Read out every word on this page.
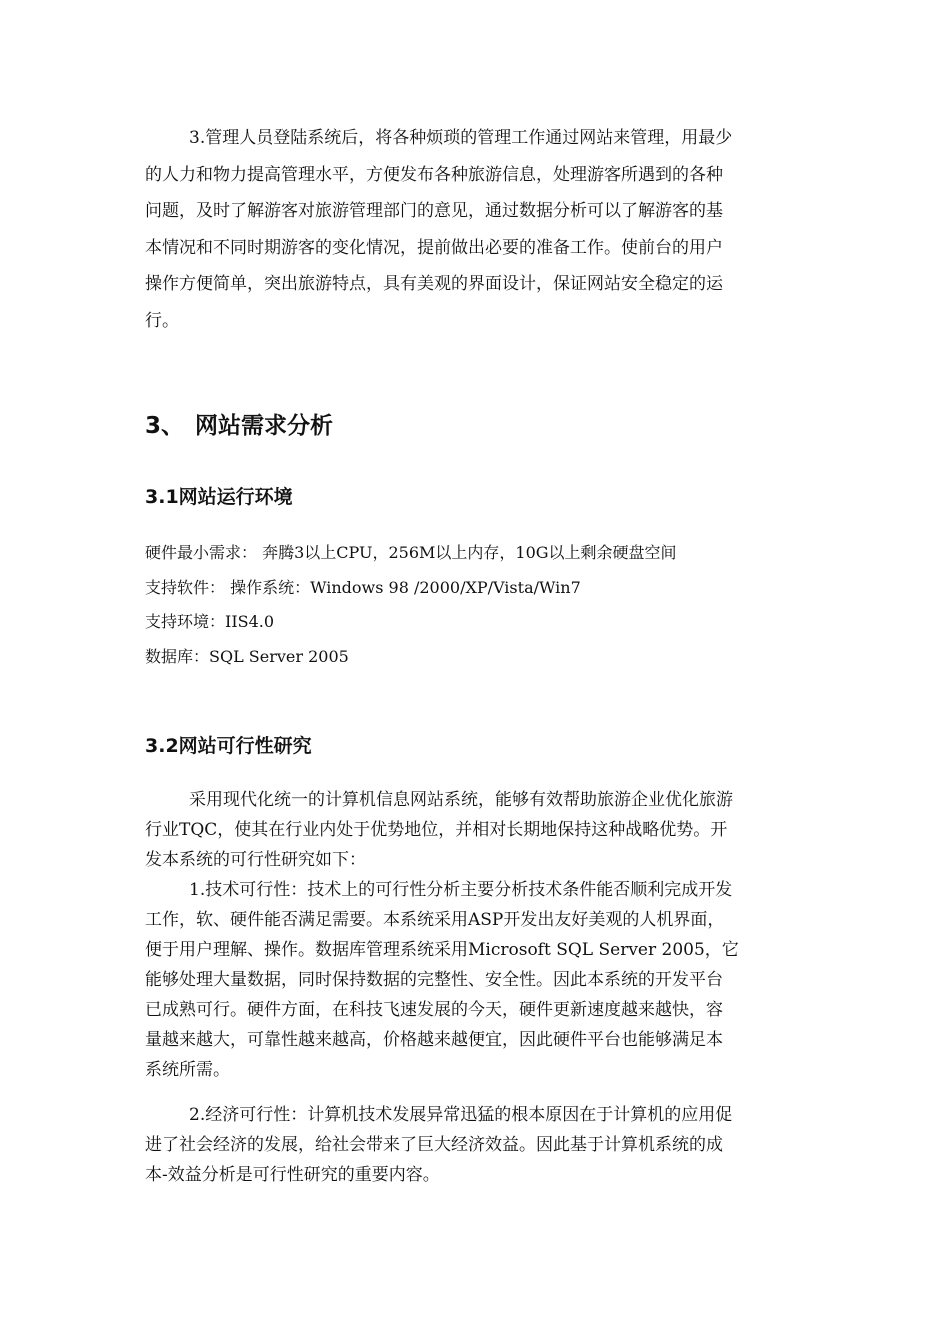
3.管理人员登陆系统后，将各种烦琐的管理工作通过网站来管理，用最少
的人力和物力提高管理水平，方便发布各种旅游信息，处理游客所遇到的各种
问题，及时了解游客对旅游管理部门的意见，通过数据分析可以了解游客的基
本情况和不同时期游客的变化情况，提前做出必要的准备工作。使前台的用户
操作方便简单，突出旅游特点，具有美观的界面设计，保证网站安全稳定的运
行。
3、 网站需求分析
3.1网站运行环境
硬件最小需求： 奔腾3以上CPU，256M以上内存，10G以上剩余硬盘空间
支持软件： 操作系统：Windows 98 /2000/XP/Vista/Win7
支持环境：IIS4.0
数据库：SQL Server 2005
3.2网站可行性研究
采用现代化统一的计算机信息网站系统，能够有效帮助旅游企业优化旅游
行业TQC，使其在行业内处于优势地位，并相对长期地保持这种战略优势。开
发本系统的可行性研究如下：
1.技术可行性：技术上的可行性分析主要分析技术条件能否顺利完成开发
工作，软、硬件能否满足需要。本系统采用ASP开发出友好美观的人机界面，
便于用户理解、操作。数据库管理系统采用Microsoft SQL Server 2005，它
能够处理大量数据，同时保持数据的完整性、安全性。因此本系统的开发平台
已成熟可行。硬件方面，在科技飞速发展的今天，硬件更新速度越来越快，容
量越来越大，可靠性越来越高，价格越来越便宜，因此硬件平台也能够满足本
系统所需。
2.经济可行性：计算机技术发展异常迅猛的根本原因在于计算机的应用促
进了社会经济的发展，给社会带来了巨大经济效益。因此基于计算机系统的成
本-效益分析是可行性研究的重要内容。
